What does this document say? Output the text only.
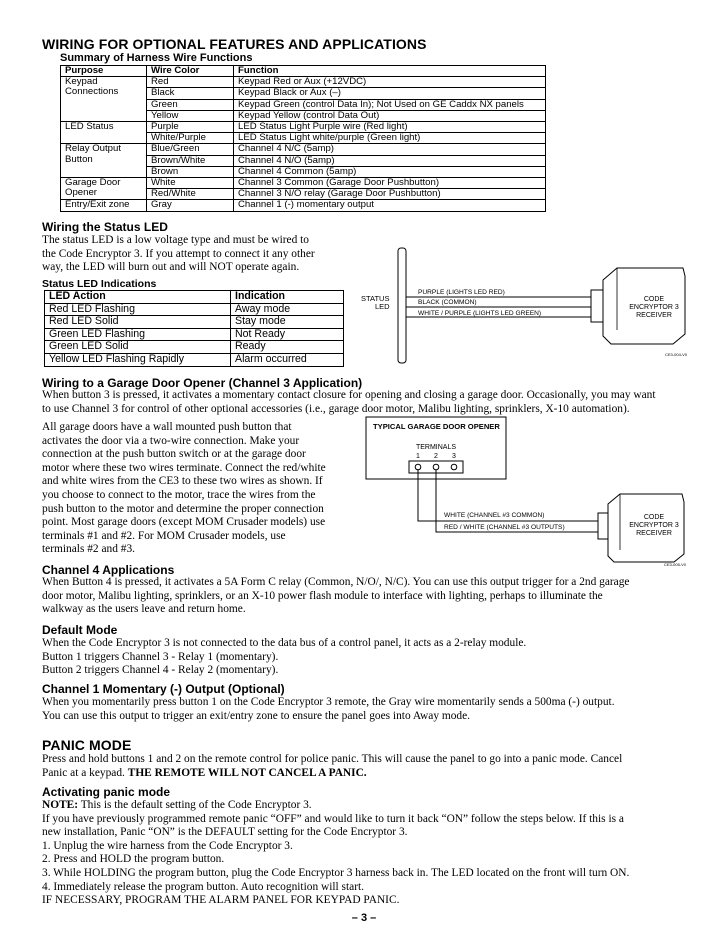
WIRING FOR OPTIONAL FEATURES AND APPLICATIONS
Summary of Harness Wire Functions
Purpose	Wire Color	Function

Keypad
Connections	Red	Keypad Red or Aux (+12VDC)
	Black	Keypad Black or Aux (–)
	Green	Keypad Green (control Data In); Not Used on GE Caddx NX panels
	Yellow	Keypad Yellow (control Data Out)

LED Status	Purple	LED Status Light Purple wire (Red light)
	White/Purple	LED Status Light white/purple (Green light)

Relay Output
Button	Blue/Green	Channel 4 N/C (5amp)
	Brown/White	Channel 4 N/O (5amp)
	Brown	Channel 4 Common (5amp)

Garage Door
Opener	White	Channel 3 Common (Garage Door Pushbutton)
	Red/White	Channel 3 N/O relay (Garage Door Pushbutton)

Entry/Exit zone	Gray	Channel 1 (-) momentary output
Wiring the Status LED
The status LED is a low voltage type and must be wired to
the Code Encryptor 3. If you attempt to connect it any other
way, the LED will burn out and will NOT operate again.
Status LED Indications
LED Action	Indication
Red LED Flashing	Away mode
Red LED Solid	Stay mode
Green LED Flashing	Not Ready
Green LED Solid	Ready
Yellow LED Flashing Rapidly	Alarm occurred
STATUS
LED
PURPLE (LIGHTS LED RED)
BLACK (COMMON)
WHITE / PURPLE (LIGHTS LED GREEN)
CODE
ENCRYPTOR 3
RECEIVER
CE3-004-V0
Wiring to a Garage Door Opener (Channel 3 Application)
When button 3 is pressed, it activates a momentary contact closure for opening and closing a garage door. Occasionally, you may want
to use Channel 3 for control of other optional accessories (i.e., garage door motor, Malibu lighting, sprinklers, X-10 automation).
All garage doors have a wall mounted push button that
activates the door via a two-wire connection. Make your
connection at the push button switch or at the garage door
motor where these two wires terminate. Connect the red/white
and white wires from the CE3 to these two wires as shown. If
you choose to connect to the motor, trace the wires from the
push button to the motor and determine the proper connection
point. Most garage doors (except MOM Crusader models) use
terminals #1 and #2. For MOM Crusader models, use
terminals #2 and #3.
TYPICAL GARAGE DOOR OPENER
TERMINALS
1 2 3
WHITE (CHANNEL #3 COMMON)
RED / WHITE (CHANNEL #3 OUTPUTS)
CODE
ENCRYPTOR 3
RECEIVER
CE3-005-V0
Channel 4 Applications
When Button 4 is pressed, it activates a 5A Form C relay (Common, N/O/, N/C). You can use this output trigger for a 2nd garage
door motor, Malibu lighting, sprinklers, or an X-10 power flash module to interface with lighting, perhaps to illuminate the
walkway as the users leave and return home.
Default Mode
When the Code Encryptor 3 is not connected to the data bus of a control panel, it acts as a 2-relay module.
Button 1 triggers Channel 3 - Relay 1 (momentary).
Button 2 triggers Channel 4 - Relay 2 (momentary).
Channel 1 Momentary (-) Output (Optional)
When you momentarily press button 1 on the Code Encryptor 3 remote, the Gray wire momentarily sends a 500ma (-) output.
You can use this output to trigger an exit/entry zone to ensure the panel goes into Away mode.
PANIC MODE
Press and hold buttons 1 and 2 on the remote control for police panic. This will cause the panel to go into a panic mode. Cancel
Panic at a keypad. THE REMOTE WILL NOT CANCEL A PANIC.
Activating panic mode
NOTE: This is the default setting of the Code Encryptor 3.
If you have previously programmed remote panic “OFF” and would like to turn it back “ON” follow the steps below. If this is a
new installation, Panic “ON” is the DEFAULT setting for the Code Encryptor 3.
1. Unplug the wire harness from the Code Encryptor 3.
2. Press and HOLD the program button.
3. While HOLDING the program button, plug the Code Encryptor 3 harness back in. The LED located on the front will turn ON.
4. Immediately release the program button. Auto recognition will start.
IF NECESSARY, PROGRAM THE ALARM PANEL FOR KEYPAD PANIC.
– 3 –
